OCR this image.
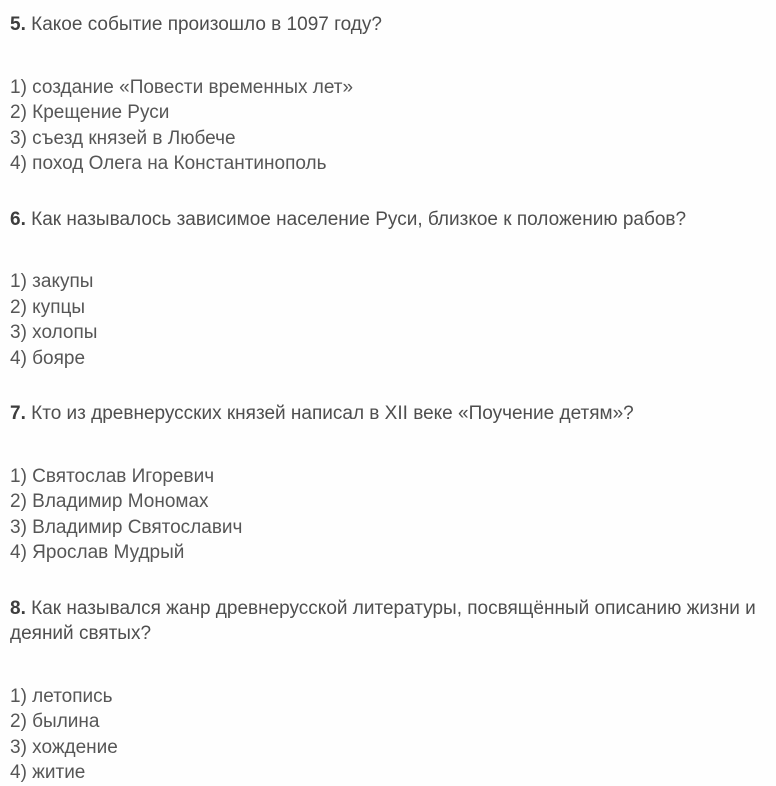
5. Какое событие произошло в 1097 году?

1) создание «Повести временных лет»
2) Крещение Руси
3) съезд князей в Любече
4) поход Олега на Константинополь

6. Как называлось зависимое население Руси, близкое к положению рабов?

1) закупы
2) купцы
3) холопы
4) бояре

7. Кто из древнерусских князей написал в XII веке «Поучение детям»?

1) Святослав Игоревич
2) Владимир Мономах
3) Владимир Святославич
4) Ярослав Мудрый

8. Как назывался жанр древнерусской литературы, посвящённый описанию жизни и деяний святых?

1) летопись
2) былина
3) хождение
4) житие
